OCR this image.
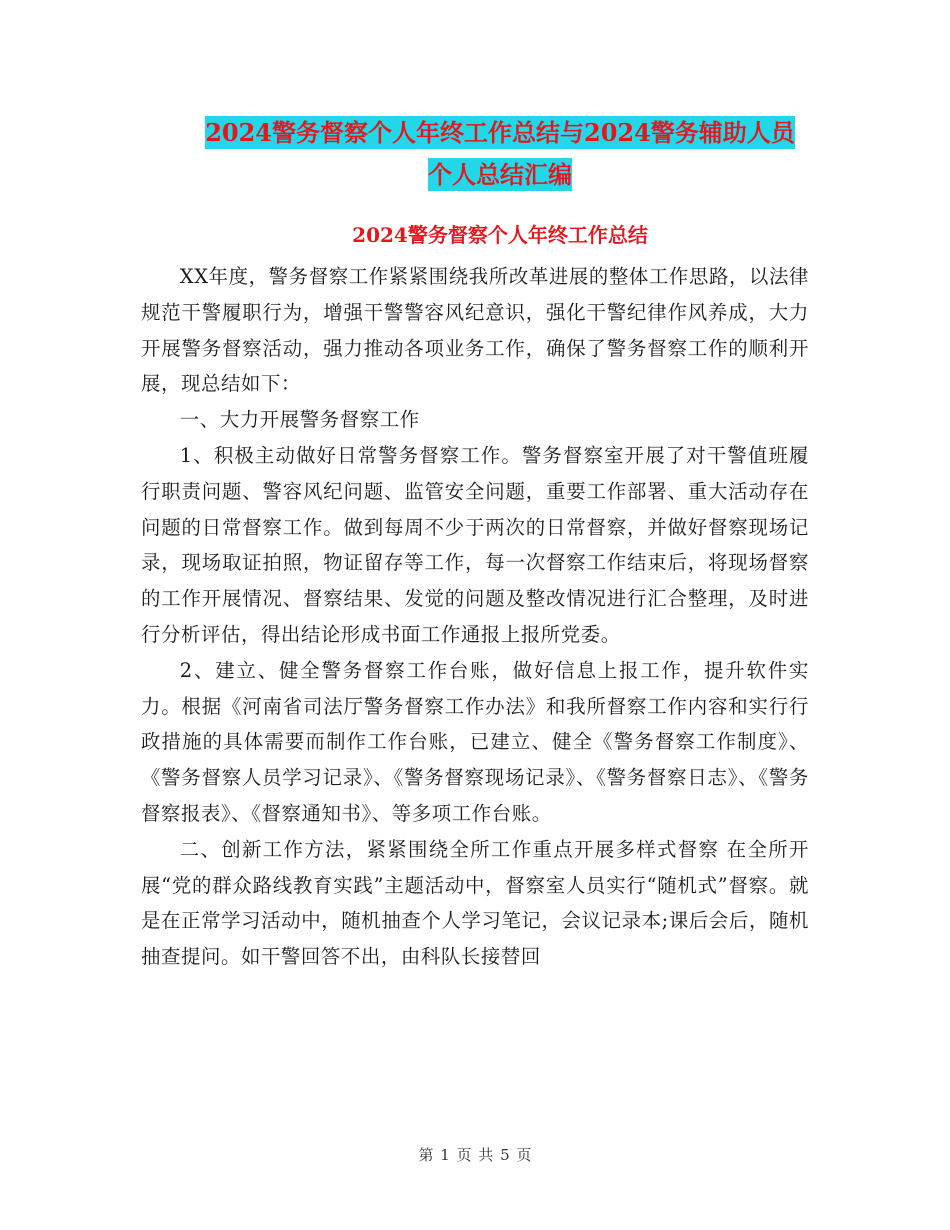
2024警务督察个人年终工作总结与2024警务辅助人员
个人总结汇编
2024警务督察个人年终工作总结

XX年度，警务督察工作紧紧围绕我所改革进展的整体工作思路，以法律规范干警履职行为，增强干警警容风纪意识，强化干警纪律作风养成，大力开展警务督察活动，强力推动各项业务工作，确保了警务督察工作的顺利开展，现总结如下：

一、大力开展警务督察工作

1、积极主动做好日常警务督察工作。警务督察室开展了对干警值班履行职责问题、警容风纪问题、监管安全问题，重要工作部署、重大活动存在问题的日常督察工作。做到每周不少于两次的日常督察，并做好督察现场记录，现场取证拍照，物证留存等工作，每一次督察工作结束后，将现场督察的工作开展情况、督察结果、发觉的问题及整改情况进行汇合整理，及时进行分析评估，得出结论形成书面工作通报上报所党委。

2、建立、健全警务督察工作台账，做好信息上报工作，提升软件实力。根据《河南省司法厅警务督察工作办法》和我所督察工作内容和实行行政措施的具体需要而制作工作台账，已建立、健全《警务督察工作制度》、《警务督察人员学习记录》、《警务督察现场记录》、《警务督察日志》、《警务督察报表》、《督察通知书》、等多项工作台账。

二、创新工作方法，紧紧围绕全所工作重点开展多样式督察 在全所开展“党的群众路线教育实践”主题活动中，督察室人员实行“随机式”督察。就是在正常学习活动中，随机抽查个人学习笔记，会议记录本;课后会后，随机抽查提问。如干警回答不出，由科队长接替回

第 1 页 共 5 页
